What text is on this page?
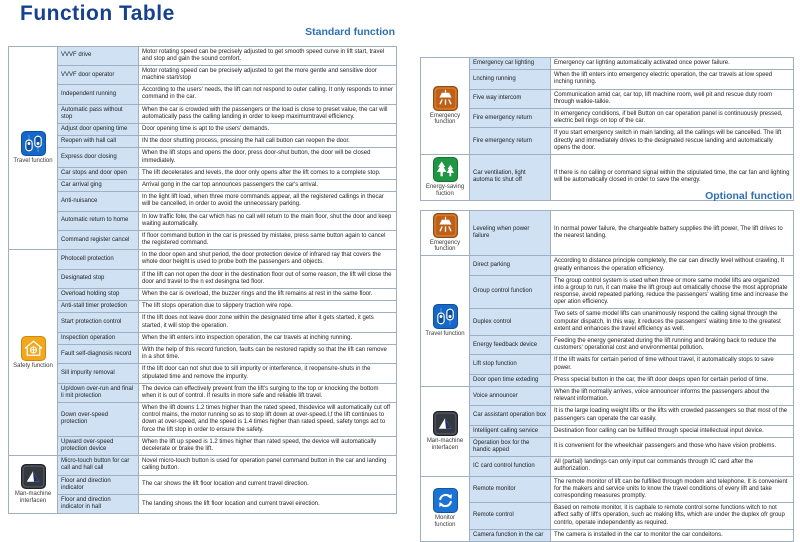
Function Table
Standard function
Travel function	VVVF drive	Motor rotating speed can be precisely adjusted to get smooth speed curve in lift start, travel and stop and gain the sound comfort.
	VVVF door operator	Motor rotating speed can be precisely adjusted to get the more gentle and sensitive door machine start/stop
	Independent running	According to the users' needs, the lift can not respond to outer calling. It only responds to inner command in the car.
	Automatic pass without stop	When the car is crowded with the passengers or the load is close to preset value, the car will automatically pass the calling landing in order to keep maximumtravel efficiency.
	Adjust door opening time	Door opening time is apt to the users' demands.
	Reopen with hall call	IN the door shutting process, pressing the hall call button can reopen the door.
	Express door closing	When the lift stops and opens the door, press door-shut button, the door will be closed immediately.
	Car stops and door open	The lift decelerates and levels, the door only opens after the lift comes to a complete stop.
	Car arrival ging	Arrival gong in the car top announces passengers the car's arrival.
	Anti-nuisance	In the light lift load, when three more commands appear, all the registered callings in thecar will be cancelled, in order to avoid the unnecessary parking.
	Automatic return to home	In low traffic folw, the car which has no call will return to the main floor, shut the door and keep waiting automatically.
	Command register cancel	If floor command button in the car is pressed by mistake, press same button again to cancel the registered command.

Safety function	Photocell protection	In the door open and shut period, the door protection device of infrared ray that covers the whole door height is used to probe both the passengers and objects.
	Designated stop	If the lift can not open the door in the destination floor out of some reason, the lift will close the door and travel to the n ext desingna ted floor.
	Overload holding stop	When the car is overload, the buzzer rings and the lift remains at rest in the same floor.
	Anti-stall timer protection	The lift stops operation due to slippery traction wire rope.
	Start protection control	If the lift does not leave door zone within the designated time after it gets started, it gets started, it will stop the operation.
	Inspection operation	When the lift enters into inspection operation, the car travels at inching running.
	Fault self-diagnosis record	With the help of this record function, faults can be restored rapidly so that the lift can remove in a shot time.
	Sill impurity removal	If the lift door can not shut due to sill impurity or interference, it reopens/re-shuts in the stipulated time and remove the impurity.
	Up/down over-run and final li mit protection	The device can effectively prevent from the lift's surging to the top or knocking the bottom when it is out of control. If results in more safe and reliable lift travel.
	Down over-speed protection	When the lift downs 1.2 times higher than the rated speed, thisdevice will automatically cut off control mains, the motor running so as to stop lift down at over-speed.I,f the lift continues to down at over-speed, and the speed is 1.4 times higher than rated speed, safety tongs act to force the lift stop in order to ensure the safety.
	Upward over-speed protection device	When the lift up speed is 1.2 times higher than rated speed, the device will automatically decelerate or brake the lift.

Man-machine interfacen	Micro-touch button for car call and hall call	Novel micro-touch button is used for operation panel command button in the car and landing calling button.
	Floor and direction indicator	The car shows the lift floor location and current travel direction.
	Floor and direction indicator in hall	The landing shows the lift floor location and current travel eirection.
Emergency function	Emergency car lighting	Emergency car lighting automatically activated once power failure.
	Lnching running	When the lift enters into emergency electric operation, the car travels at low speed inching running.
	Five way intercom	Communication amid car, car top, lift machine room, well pit and rescue duty room through walkie-talkie.
	Fire emergency return	In emergency conditions, if bell Button on car operation panel is continuously pressed, electric bell rings on top of the car.
	Fire emergency return	If you start emergency switch in main landing, all the callings will be cancelled. The lift directly and immediately drives to the designated rescue landing and automatically opens the door.

Energy-saving fuction	Car ventilation, light automa tic shut off	If there is no calling or command signal within the stipulated time, the car fan and lighting will be automatically closed in order to save the energy.
Optional function
Emergency function	Leveling when power failure	In normal power failure, the chargeable battery supplies the lift power, The lift drives to the nearest landing.

Travel function	Direct parking	According to distance principle completely, the car can directly level without crawling, It greatly enhances the operation efficiency.
	Group control function	The group control system is used when three or more same model lifts are organized into a group to run, it can make the lift group aut omatically choose the most appropriate response, avoid repeated parking, reduce the passengers' waiting time and increase the oper ation efficiency.
	Duplex control	Two sets of same model lifts can unanimously respond the calling signal through the computer dispatch, In this way, it reduces the passengers' waiting time to the greatest extent and enhances the travel efficiency as well.
	Energy feedback device	Feeding the energy generated during the lift running and braking back to reduce the customers' operational cost and environmental pollution.
	Lift stop function	If the lift waits for certain period of time without travel, it automatically stops to save power.
	Door open time exteding	Press special button in the car, the lift door deeps open for certain period of time.

Man-machine interfacen	Voice announcer	When the lift normally arrives, voice announcer informs the passengers about the relevant information.
	Car assistant operation box	It is the large loading weight lifts or the lifts with crowded passengers so that most of the passengers can operate the car easily.
	Intelligent calling service	Destination floor calling can be fulfilled through special intellectual input device.
	Operation box for the handic apped	It is convenient for the wheelchair passengers and those who have vision problems.
	IC card control function	All (partial) landings can only input car commands through IC card after the authorization.

Monitor function	Remote monitor	The remote monitor of lift can be fulfilled through modem and telephone, It is convenient for the makers and service units to know the travel conditions of every lift and take corresponding measures promptly.
	Remote control	Based on remote monitor, it is capbale to remote control some functions witch to not affect safty of lift's operation, such ac making lifts, which are under the duplex ofr group contrlo, operate independently as required.
	Camera function in the car	The camera is installed in the car to monitor the car condeitons.
